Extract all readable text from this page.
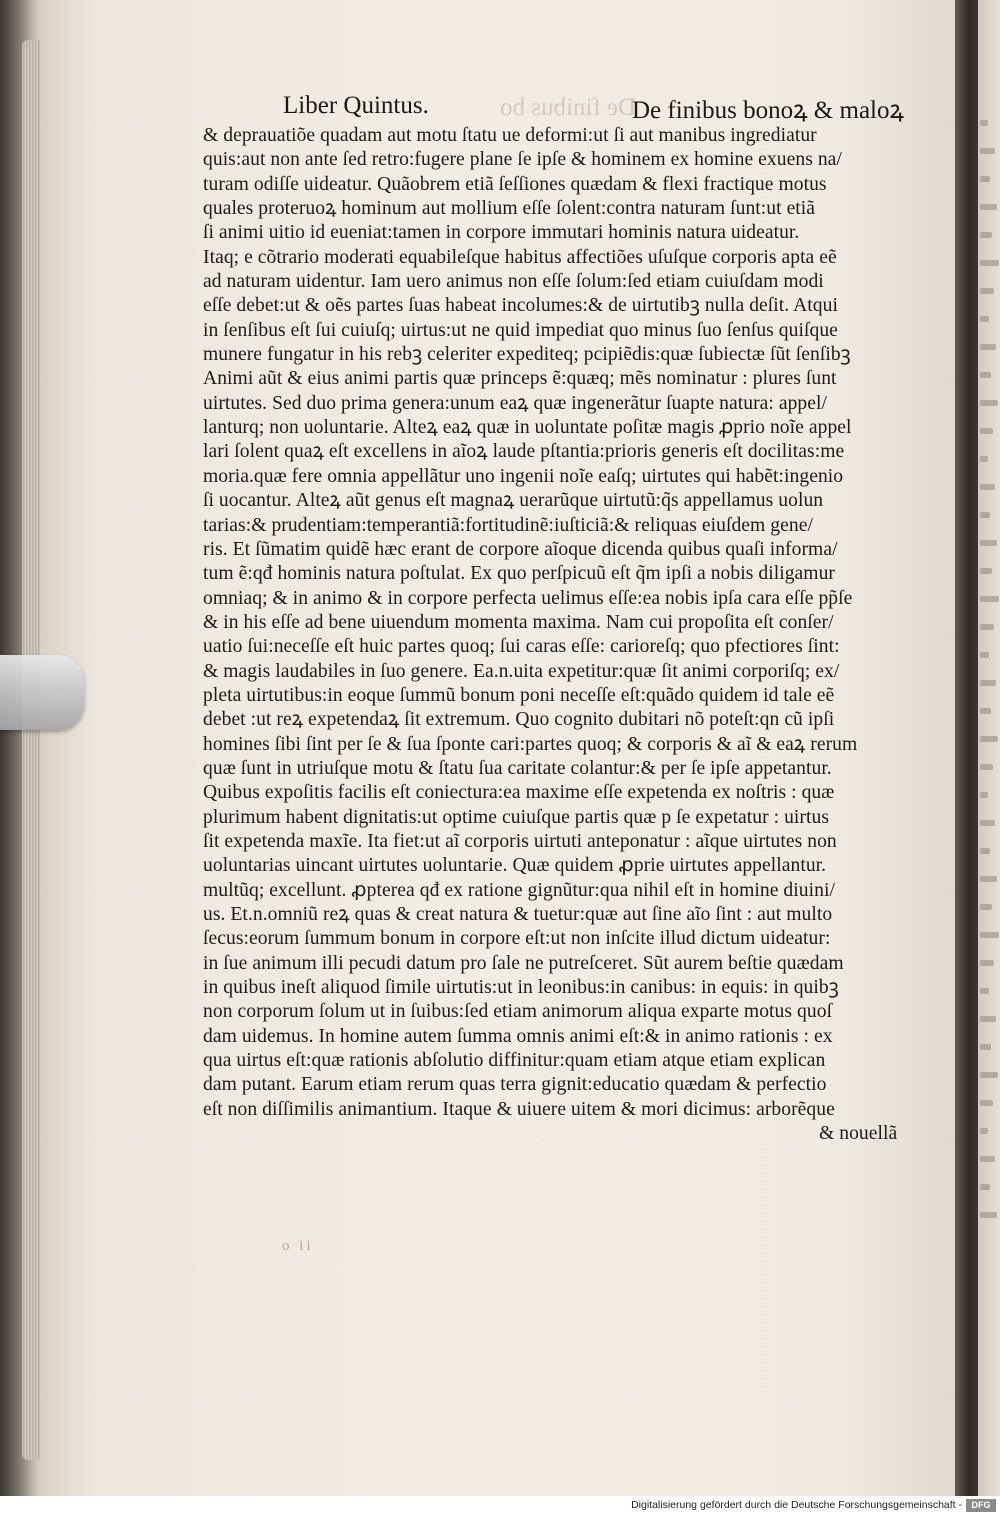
De finibus bo
Liber Quintus.	De finibus bonoꝝ & maloꝝ
o ii
& deprauatiõe quadam aut motu ſtatu ue deformi:ut ſi aut manibus ingrediatur
quis:aut non ante ſed retro:fugere plane ſe ipſe & hominem ex homine exuens na/
turam odiſſe uideatur. Quãobrem etiã ſeſſiones quædam & flexi fractique motus
quales proteruoꝝ hominum aut mollium eſſe ſolent:contra naturam ſunt:ut etiã
ſi animi uitio id eueniat:tamen in corpore immutari hominis natura uideatur.
Itaq; e cõtrario moderati equabileſque habitus affectiões uſuſque corporis apta eẽ
ad naturam uidentur. Iam uero animus non eſſe ſolum:ſed etiam cuiuſdam modi
eſſe debet:ut & oẽs partes ſuas habeat incolumes:& de uirtutibꝫ nulla deſit. Atqui
in ſenſibus eſt ſui cuiuſq; uirtus:ut ne quid impediat quo minus ſuo ſenſus quiſque
munere fungatur in his rebꝫ celeriter expediteq; pcipiẽdis:quæ ſubiectæ ſũt ſenſibꝫ
Animi aũt & eius animi partis quæ princeps ẽ:quæq; mẽs nominatur : plures ſunt
uirtutes. Sed duo prima genera:unum eaꝝ quæ ingenerãtur ſuapte natura: appel/
lanturq; non uoluntarie. Alteꝝ eaꝝ quæ in uoluntate poſitæ magis ꝓprio noĩe appel
lari ſolent quaꝝ eſt excellens in aĩoꝝ laude pſtantia:prioris generis eſt docilitas:me
moria.quæ fere omnia appellãtur uno ingenii noĩe eaſq; uirtutes qui habẽt:ingenio
ſi uocantur. Alteꝝ aũt genus eſt magnaꝝ uerarũque uirtutũ:q̃s appellamus uolun
tarias:& prudentiam:temperantiã:fortitudinẽ:iuſticiã:& reliquas eiuſdem gene/
ris. Et ſũmatim quidẽ hæc erant de corpore aĩoque dicenda quibus quaſi informa/
tum ẽ:qđ hominis natura poſtulat. Ex quo perſpicuũ eſt q̃m ipſi a nobis diligamur
omniaq; & in animo & in corpore perfecta uelimus eſſe:ea nobis ipſa cara eſſe pp̃ſe
& in his eſſe ad bene uiuendum momenta maxima. Nam cui propoſita eſt conſer/
uatio ſui:neceſſe eſt huic partes quoq; ſui caras eſſe: carioreſq; quo pfectiores ſint:
& magis laudabiles in ſuo genere. Ea.n.uita expetitur:quæ ſit animi corporiſq; ex/
pleta uirtutibus:in eoque ſummũ bonum poni neceſſe eſt:quãdo quidem id tale eẽ
debet :ut reꝝ expetendaꝝ ſit extremum. Quo cognito dubitari nõ poteſt:qn cũ ipſi
homines ſibi ſint per ſe & ſua ſponte cari:partes quoq; & corporis & aĩ & eaꝝ rerum
quæ ſunt in utriuſque motu & ſtatu ſua caritate colantur:& per ſe ipſe appetantur.
Quibus expoſitis facilis eſt coniectura:ea maxime eſſe expetenda ex noſtris : quæ
plurimum habent dignitatis:ut optime cuiuſque partis quæ p ſe expetatur : uirtus
ſit expetenda maxĩe. Ita fiet:ut aĩ corporis uirtuti anteponatur : aĩque uirtutes non
uoluntarias uincant uirtutes uoluntarie. Quæ quidem ꝓprie uirtutes appellantur.
multũq; excellunt. ꝓpterea qđ ex ratione gignũtur:qua nihil eſt in homine diuini/
us. Et.n.omniũ reꝝ quas & creat natura & tuetur:quæ aut ſine aĩo ſint : aut multo
ſecus:eorum ſummum bonum in corpore eſt:ut non inſcite illud dictum uideatur:
in ſue animum illi pecudi datum pro ſale ne putreſceret. Sũt aurem beſtie quædam
in quibus ineſt aliquod ſimile uirtutis:ut in leonibus:in canibus: in equis: in quibꝫ
non corporum ſolum ut in ſuibus:ſed etiam animorum aliqua exparte motus quoſ
dam uidemus. In homine autem ſumma omnis animi eſt:& in animo rationis : ex
qua uirtus eſt:quæ rationis abſolutio diffinitur:quam etiam atque etiam explican
dam putant. Earum etiam rerum quas terra gignit:educatio quædam & perfectio
eſt non diſſimilis animantium. Itaque & uiuere uitem & mori dicimus: arborẽque
& nouellã
Digitalisierung gefördert durch die Deutsche Forschungsgemeinschaft -	DFG
